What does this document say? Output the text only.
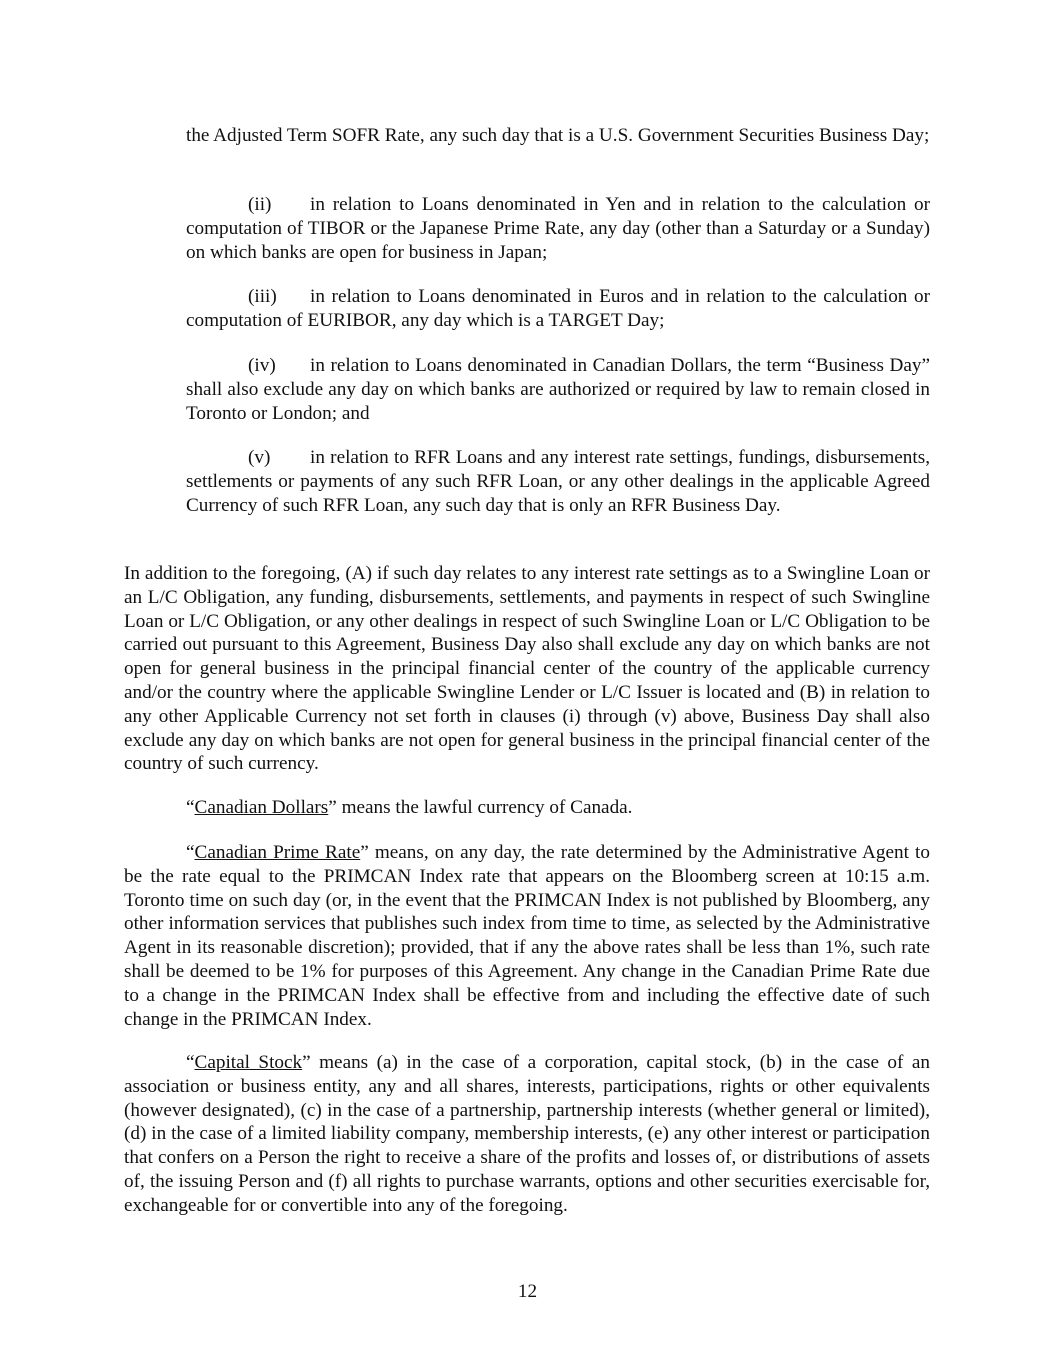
the Adjusted Term SOFR Rate, any such day that is a U.S. Government Securities Business Day;

(ii) in relation to Loans denominated in Yen and in relation to the calculation or computation of TIBOR or the Japanese Prime Rate, any day (other than a Saturday or a Sunday) on which banks are open for business in Japan;

(iii) in relation to Loans denominated in Euros and in relation to the calculation or computation of EURIBOR, any day which is a TARGET Day;

(iv) in relation to Loans denominated in Canadian Dollars, the term “Business Day” shall also exclude any day on which banks are authorized or required by law to remain closed in Toronto or London; and

(v) in relation to RFR Loans and any interest rate settings, fundings, disbursements, settlements or payments of any such RFR Loan, or any other dealings in the applicable Agreed Currency of such RFR Loan, any such day that is only an RFR Business Day.

In addition to the foregoing, (A) if such day relates to any interest rate settings as to a Swingline Loan or an L/C Obligation, any funding, disbursements, settlements, and payments in respect of such Swingline Loan or L/C Obligation, or any other dealings in respect of such Swingline Loan or L/C Obligation to be carried out pursuant to this Agreement, Business Day also shall exclude any day on which banks are not open for general business in the principal financial center of the country of the applicable currency and/or the country where the applicable Swingline Lender or L/C Issuer is located and (B) in relation to any other Applicable Currency not set forth in clauses (i) through (v) above, Business Day shall also exclude any day on which banks are not open for general business in the principal financial center of the country of such currency.

“Canadian Dollars” means the lawful currency of Canada.

“Canadian Prime Rate” means, on any day, the rate determined by the Administrative Agent to be the rate equal to the PRIMCAN Index rate that appears on the Bloomberg screen at 10:15 a.m. Toronto time on such day (or, in the event that the PRIMCAN Index is not published by Bloomberg, any other information services that publishes such index from time to time, as selected by the Administrative Agent in its reasonable discretion); provided, that if any the above rates shall be less than 1%, such rate shall be deemed to be 1% for purposes of this Agreement. Any change in the Canadian Prime Rate due to a change in the PRIMCAN Index shall be effective from and including the effective date of such change in the PRIMCAN Index.

“Capital Stock” means (a) in the case of a corporation, capital stock, (b) in the case of an association or business entity, any and all shares, interests, participations, rights or other equivalents (however designated), (c) in the case of a partnership, partnership interests (whether general or limited), (d) in the case of a limited liability company, membership interests, (e) any other interest or participation that confers on a Person the right to receive a share of the profits and losses of, or distributions of assets of, the issuing Person and (f) all rights to purchase warrants, options and other securities exercisable for, exchangeable for or convertible into any of the foregoing.

12
